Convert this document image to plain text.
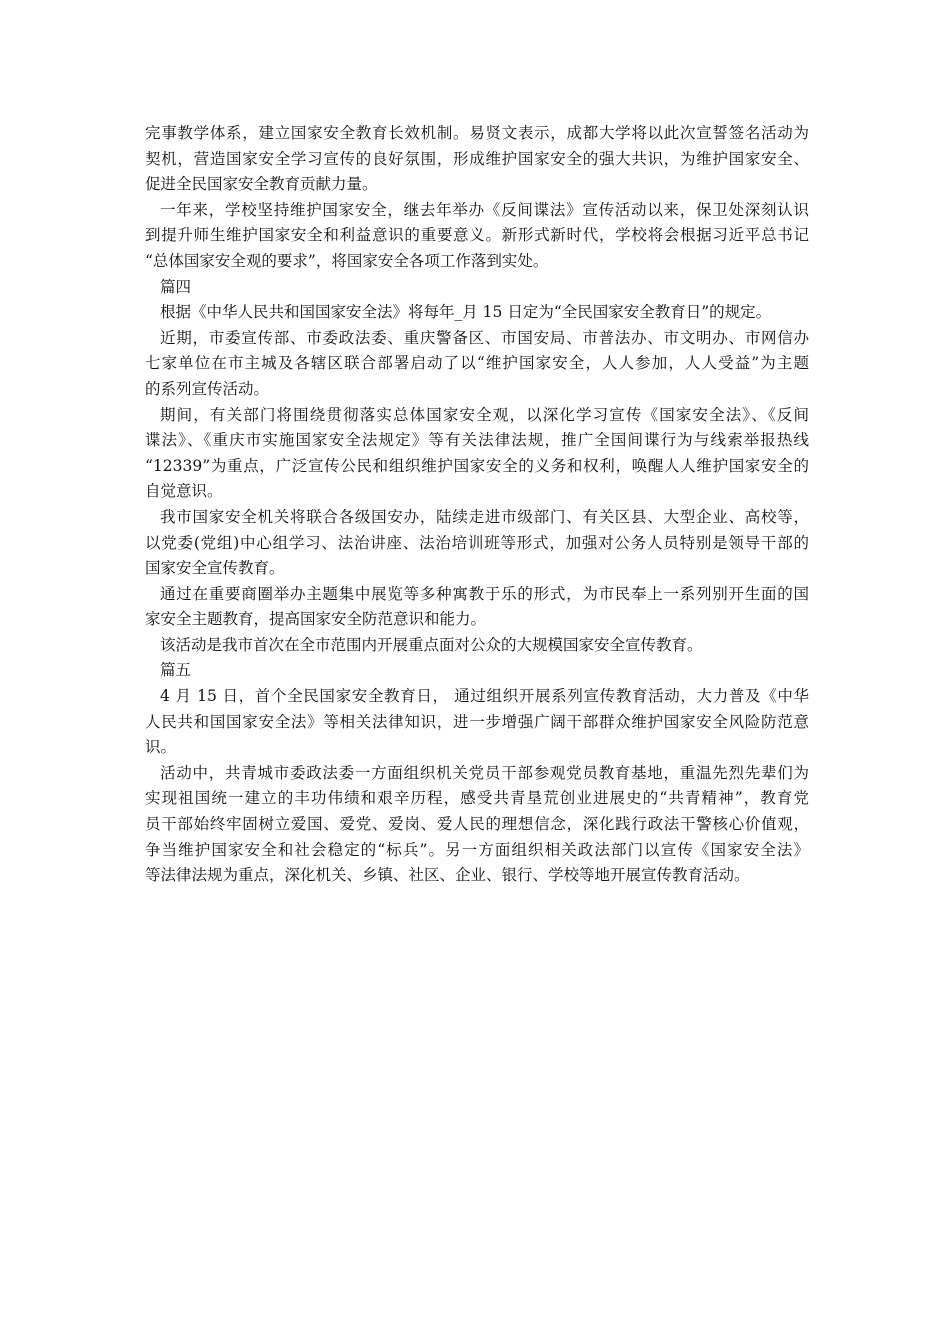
完事教学体系，建立国家安全教育长效机制。易贤文表示，成都大学将以此次宣誓签名活动为
契机，营造国家安全学习宣传的良好氛围，形成维护国家安全的强大共识，为维护国家安全、
促进全民国家安全教育贡献力量。
一年来，学校坚持维护国家安全，继去年举办《反间谍法》宣传活动以来，保卫处深刻认识
到提升师生维护国家安全和利益意识的重要意义。新形式新时代，学校将会根据习近平总书记
“总体国家安全观的要求”，将国家安全各项工作落到实处。
篇四
根据《中华人民共和国国家安全法》将每年_月 15 日定为“全民国家安全教育日”的规定。
近期，市委宣传部、市委政法委、重庆警备区、市国安局、市普法办、市文明办、市网信办
七家单位在市主城及各辖区联合部署启动了以“维护国家安全，人人参加，人人受益”为主题
的系列宣传活动。
期间，有关部门将围绕贯彻落实总体国家安全观，以深化学习宣传《国家安全法》、《反间
谍法》、《重庆市实施国家安全法规定》等有关法律法规，推广全国间谍行为与线索举报热线
“12339”为重点，广泛宣传公民和组织维护国家安全的义务和权利，唤醒人人维护国家安全的
自觉意识。
我市国家安全机关将联合各级国安办，陆续走进市级部门、有关区县、大型企业、高校等，
以党委(党组)中心组学习、法治讲座、法治培训班等形式，加强对公务人员特别是领导干部的
国家安全宣传教育。
通过在重要商圈举办主题集中展览等多种寓教于乐的形式，为市民奉上一系列别开生面的国
家安全主题教育，提高国家安全防范意识和能力。
该活动是我市首次在全市范围内开展重点面对公众的大规模国家安全宣传教育。
篇五
4 月 15 日，首个全民国家安全教育日， 通过组织开展系列宣传教育活动，大力普及《中华
人民共和国国家安全法》等相关法律知识，进一步增强广阔干部群众维护国家安全风险防范意
识。
活动中，共青城市委政法委一方面组织机关党员干部参观党员教育基地，重温先烈先辈们为
实现祖国统一建立的丰功伟绩和艰辛历程，感受共青垦荒创业进展史的“共青精神”，教育党
员干部始终牢固树立爱国、爱党、爱岗、爱人民的理想信念，深化践行政法干警核心价值观，
争当维护国家安全和社会稳定的“标兵”。另一方面组织相关政法部门以宣传《国家安全法》
等法律法规为重点，深化机关、乡镇、社区、企业、银行、学校等地开展宣传教育活动。
